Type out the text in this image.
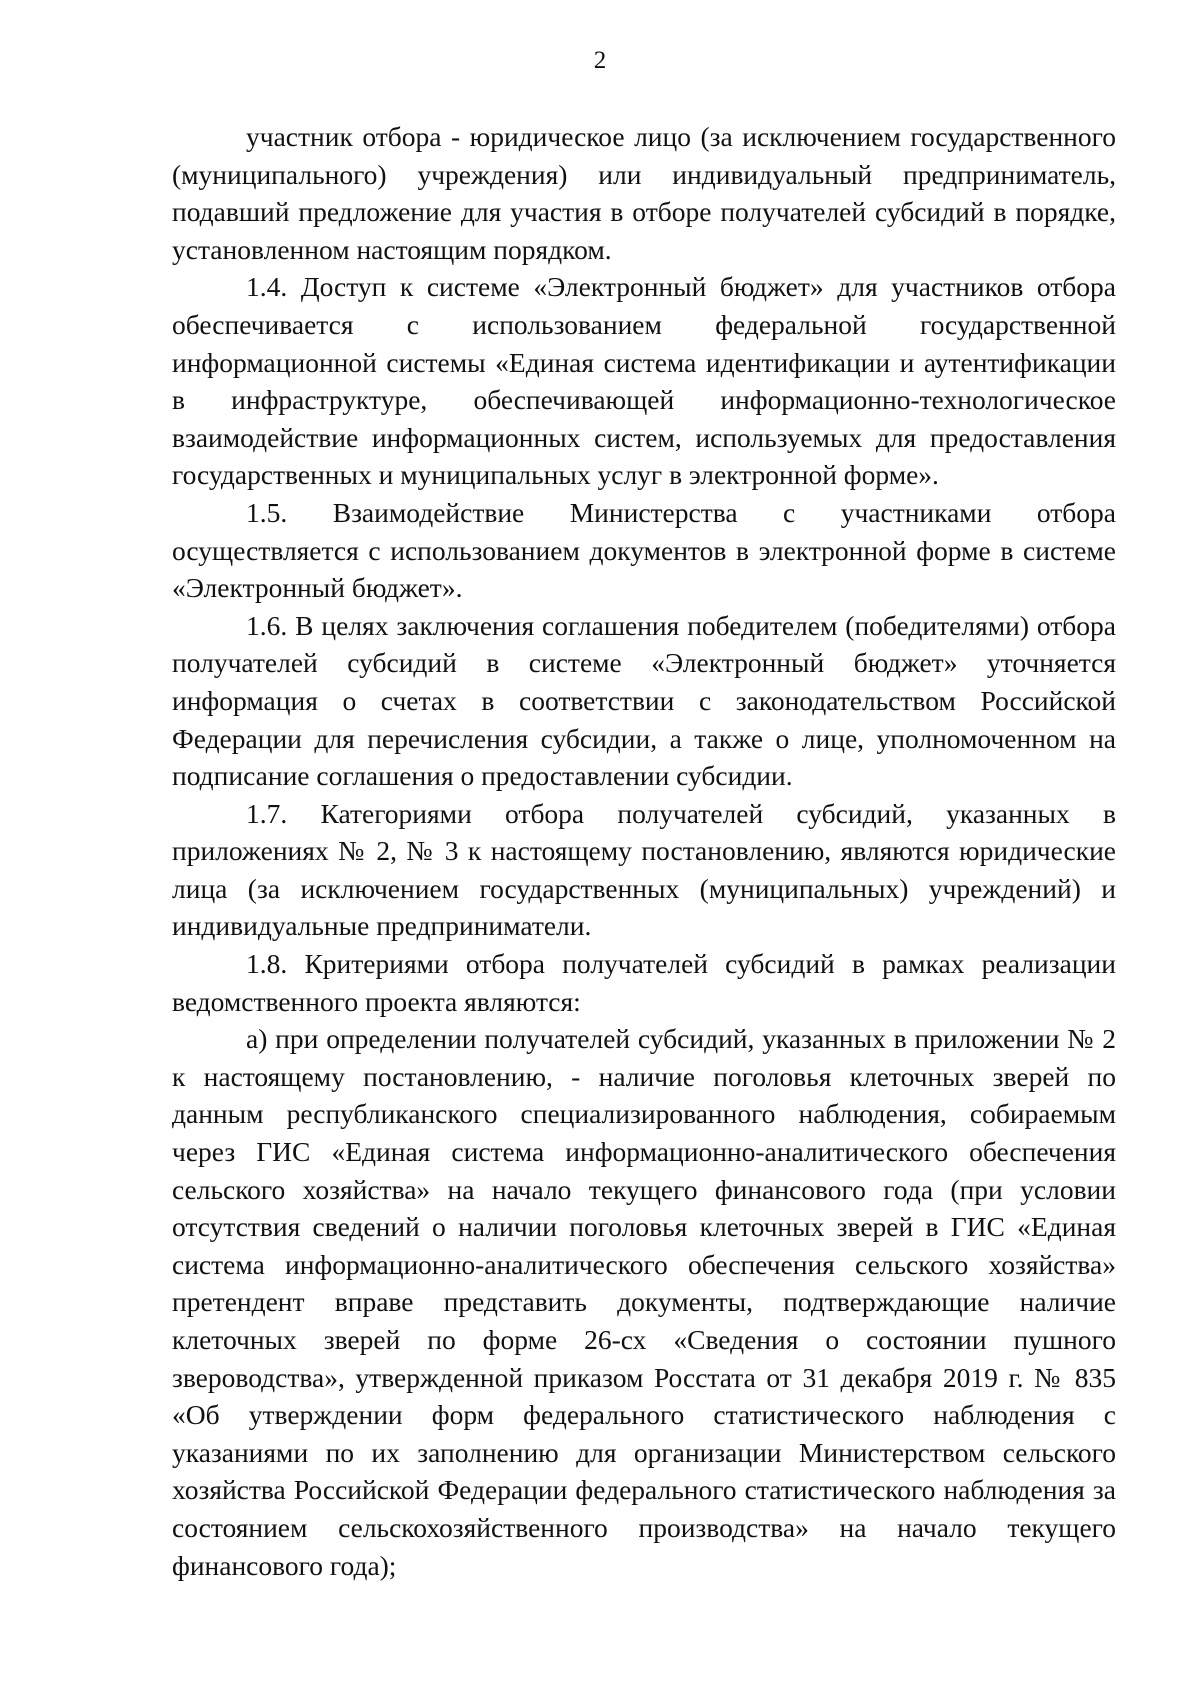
2

участник отбора - юридическое лицо (за исключением государственного (муниципального) учреждения) или индивидуальный предприниматель, подавший предложение для участия в отборе получателей субсидий в порядке, установленном настоящим порядком.

1.4. Доступ к системе «Электронный бюджет» для участников отбора обеспечивается с использованием федеральной государственной информационной системы «Единая система идентификации и аутентификации в инфраструктуре, обеспечивающей информационно-технологическое взаимодействие информационных систем, используемых для предоставления государственных и муниципальных услуг в электронной форме».

1.5. Взаимодействие Министерства с участниками отбора осуществляется с использованием документов в электронной форме в системе «Электронный бюджет».

1.6. В целях заключения соглашения победителем (победителями) отбора получателей субсидий в системе «Электронный бюджет» уточняется информация о счетах в соответствии с законодательством Российской Федерации для перечисления субсидии, а также о лице, уполномоченном на подписание соглашения о предоставлении субсидии.

1.7. Категориями отбора получателей субсидий, указанных в приложениях № 2, № 3 к настоящему постановлению, являются юридические лица (за исключением государственных (муниципальных) учреждений) и индивидуальные предприниматели.

1.8. Критериями отбора получателей субсидий в рамках реализации ведомственного проекта являются:

а) при определении получателей субсидий, указанных в приложении № 2 к настоящему постановлению, - наличие поголовья клеточных зверей по данным республиканского специализированного наблюдения, собираемым через ГИС «Единая система информационно-аналитического обеспечения сельского хозяйства» на начало текущего финансового года (при условии отсутствия сведений о наличии поголовья клеточных зверей в ГИС «Единая система информационно-аналитического обеспечения сельского хозяйства» претендент вправе представить документы, подтверждающие наличие клеточных зверей по форме 26-сх «Сведения о состоянии пушного звероводства», утвержденной приказом Росстата от 31 декабря 2019 г. № 835 «Об утверждении форм федерального статистического наблюдения с указаниями по их заполнению для организации Министерством сельского хозяйства Российской Федерации федерального статистического наблюдения за состоянием сельскохозяйственного производства» на начало текущего финансового года);
